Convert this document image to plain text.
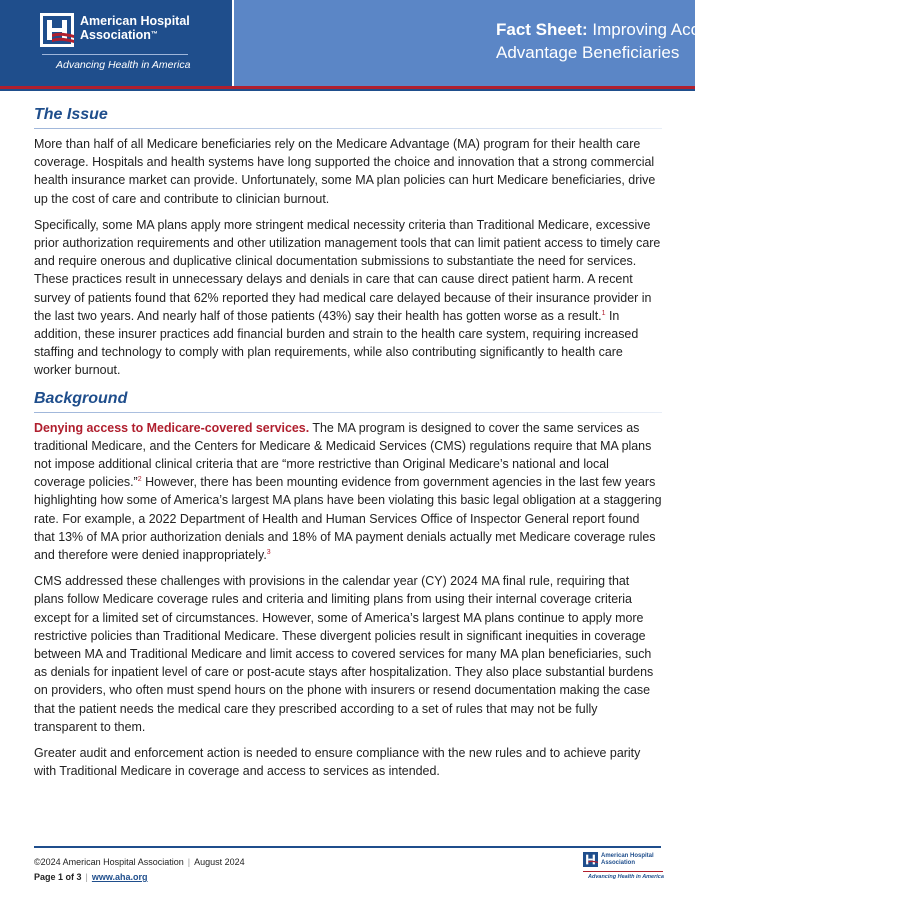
American Hospital
Association™
Advancing Health in America
Fact Sheet: Improving Access to Care for Medicare Advantage Beneficiaries
The Issue

More than half of all Medicare beneficiaries rely on the Medicare Advantage (MA) program for their health care coverage. Hospitals and health systems have long supported the choice and innovation that a strong commercial health insurance market can provide. Unfortunately, some MA plan policies can hurt Medicare beneficiaries, drive up the cost of care and contribute to clinician burnout.

Specifically, some MA plans apply more stringent medical necessity criteria than Traditional Medicare, excessive prior authorization requirements and other utilization management tools that can limit patient access to timely care and require onerous and duplicative clinical documentation submissions to substantiate the need for services. These practices result in unnecessary delays and denials in care that can cause direct patient harm. A recent survey of patients found that 62% reported they had medical care delayed because of their insurance provider in the last two years. And nearly half of those patients (43%) say their health has gotten worse as a result.$^1$ In addition, these insurer practices add financial burden and strain to the health care system, requiring increased staffing and technology to comply with plan requirements, while also contributing significantly to health care worker burnout.

Background

Denying access to Medicare-covered services. The MA program is designed to cover the same services as traditional Medicare, and the Centers for Medicare & Medicaid Services (CMS) regulations require that MA plans not impose additional clinical criteria that are “more restrictive than Original Medicare’s national and local coverage policies.”$^2$ However, there has been mounting evidence from government agencies in the last few years highlighting how some of America’s largest MA plans have been violating this basic legal obligation at a staggering rate. For example, a 2022 Department of Health and Human Services Office of Inspector General report found that 13% of MA prior authorization denials and 18% of MA payment denials actually met Medicare coverage rules and therefore were denied inappropriately.$^3$

CMS addressed these challenges with provisions in the calendar year (CY) 2024 MA final rule, requiring that plans follow Medicare coverage rules and criteria and limiting plans from using their internal coverage criteria except for a limited set of circumstances. However, some of America’s largest MA plans continue to apply more restrictive policies than Traditional Medicare. These divergent policies result in significant inequities in coverage between MA and Traditional Medicare and limit access to covered services for many MA plan beneficiaries, such as denials for inpatient level of care or post-acute stays after hospitalization. They also place substantial burdens on providers, who often must spend hours on the phone with insurers or resend documentation making the case that the patient needs the medical care they prescribed according to a set of rules that may not be fully transparent to them.

Greater audit and enforcement action is needed to ensure compliance with the new rules and to achieve parity with Traditional Medicare in coverage and access to services as intended.

©2024 American Hospital Association | August 2024
Page 1 of 3 | www.aha.org
American Hospital
Association
Advancing Health in America
